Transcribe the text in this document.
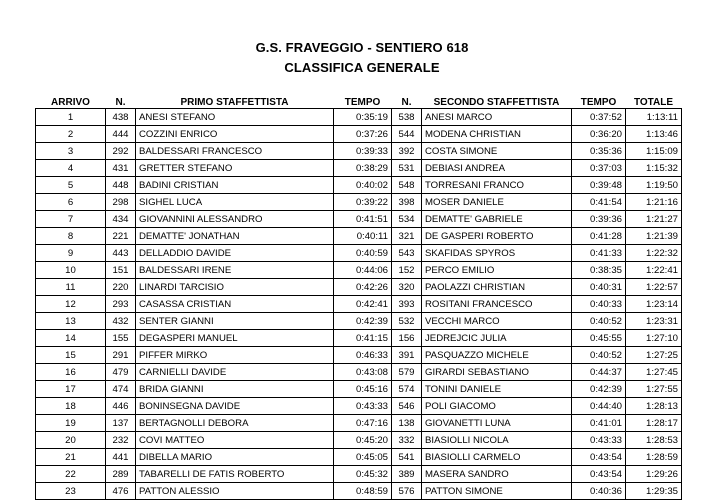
G.S. FRAVEGGIO - SENTIERO 618
CLASSIFICA GENERALE
ARRIVO	N.	PRIMO STAFFETTISTA	TEMPO	N.	SECONDO STAFFETTISTA	TEMPO	TOTALE
1	438	ANESI STEFANO	0:35:19	538	ANESI MARCO	0:37:52	1:13:11
2	444	COZZINI ENRICO	0:37:26	544	MODENA CHRISTIAN	0:36:20	1:13:46
3	292	BALDESSARI FRANCESCO	0:39:33	392	COSTA SIMONE	0:35:36	1:15:09
4	431	GRETTER STEFANO	0:38:29	531	DEBIASI ANDREA	0:37:03	1:15:32
5	448	BADINI CRISTIAN	0:40:02	548	TORRESANI FRANCO	0:39:48	1:19:50
6	298	SIGHEL LUCA	0:39:22	398	MOSER DANIELE	0:41:54	1:21:16
7	434	GIOVANNINI ALESSANDRO	0:41:51	534	DEMATTE' GABRIELE	0:39:36	1:21:27
8	221	DEMATTE' JONATHAN	0:40:11	321	DE GASPERI ROBERTO	0:41:28	1:21:39
9	443	DELLADDIO DAVIDE	0:40:59	543	SKAFIDAS SPYROS	0:41:33	1:22:32
10	151	BALDESSARI IRENE	0:44:06	152	PERCO EMILIO	0:38:35	1:22:41
11	220	LINARDI TARCISIO	0:42:26	320	PAOLAZZI CHRISTIAN	0:40:31	1:22:57
12	293	CASASSA CRISTIAN	0:42:41	393	ROSITANI FRANCESCO	0:40:33	1:23:14
13	432	SENTER GIANNI	0:42:39	532	VECCHI MARCO	0:40:52	1:23:31
14	155	DEGASPERI MANUEL	0:41:15	156	JEDREJCIC JULIA	0:45:55	1:27:10
15	291	PIFFER MIRKO	0:46:33	391	PASQUAZZO MICHELE	0:40:52	1:27:25
16	479	CARNIELLI DAVIDE	0:43:08	579	GIRARDI SEBASTIANO	0:44:37	1:27:45
17	474	BRIDA GIANNI	0:45:16	574	TONINI DANIELE	0:42:39	1:27:55
18	446	BONINSEGNA DAVIDE	0:43:33	546	POLI GIACOMO	0:44:40	1:28:13
19	137	BERTAGNOLLI DEBORA	0:47:16	138	GIOVANETTI LUNA	0:41:01	1:28:17
20	232	COVI MATTEO	0:45:20	332	BIASIOLLI NICOLA	0:43:33	1:28:53
21	441	DIBELLA MARIO	0:45:05	541	BIASIOLLI CARMELO	0:43:54	1:28:59
22	289	TABARELLI DE FATIS ROBERTO	0:45:32	389	MASERA SANDRO	0:43:54	1:29:26
23	476	PATTON ALESSIO	0:48:59	576	PATTON SIMONE	0:40:36	1:29:35
